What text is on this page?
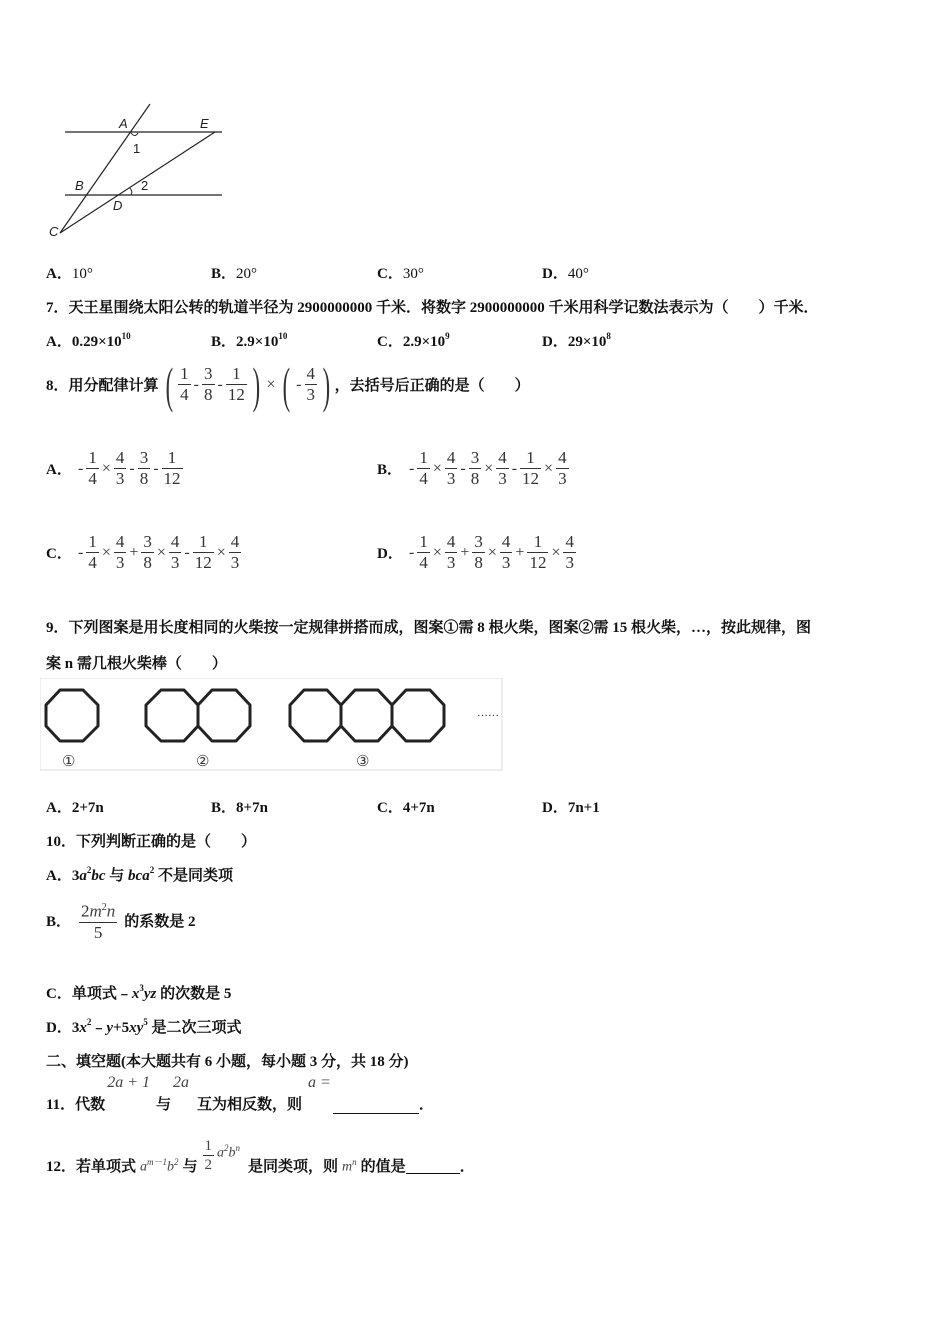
A	E
1
B	2
D
C
A．10°	B．20°	C．30°	D．40°
7．天王星围绕太阳公转的轨道半径为 2900000000 千米．将数字 2900000000 千米用科学记数法表示为（　　）千米．
A．$0.29\times 10^{10}$	B．$2.9\times 10^{10}$	C．$2.9\times 10^9$	D．$29\times 10^8$
8．用分配律计算 ( $\frac{1}{4} - \frac{3}{8} - \frac{1}{12}$ ) × ( - $\frac{4}{3}$ ) ，去括号后正确的是（　　）
A． - $\frac{1}{4} \times \frac{4}{3} - \frac{3}{8} - \frac{1}{12}$	B． - $\frac{1}{4} \times \frac{4}{3} - \frac{3}{8} \times \frac{4}{3} - \frac{1}{12} \times \frac{4}{3}$
C． - $\frac{1}{4} \times \frac{4}{3} + \frac{3}{8} \times \frac{4}{3} - \frac{1}{12} \times \frac{4}{3}$	D． - $\frac{1}{4} \times \frac{4}{3} + \frac{3}{8} \times \frac{4}{3} + \frac{1}{12} \times \frac{4}{3}$
9．下列图案是用长度相同的火柴按一定规律拼搭而成，图案①需 8 根火柴，图案②需 15 根火柴，…，按此规律，图
案 n 需几根火柴棒（　　）
①	②	③
……
A．2+7n	B．8+7n	C．4+7n	D．7n+1
10．下列判断正确的是（　　）
A．$3a^2bc$ 与 bca$^2$ 不是同类项
B． $\frac{2m^2n}{5}$ 的系数是 2
C．单项式$﹣x^3yz$ 的次数是 5
D．$3x^2﹣y+5xy^5$ 是二次三项式
二、填空题(本大题共有 6 小题，每小题 3 分，共 18 分)
11．代数
2a + 1
与
2a
互为相反数，则
a =
．
12．若单项式 $a^{m-1}b^2$ 与 $\frac{1}{2} a^2b^n$
是同类项，则 $m^n$ 的值是	．
